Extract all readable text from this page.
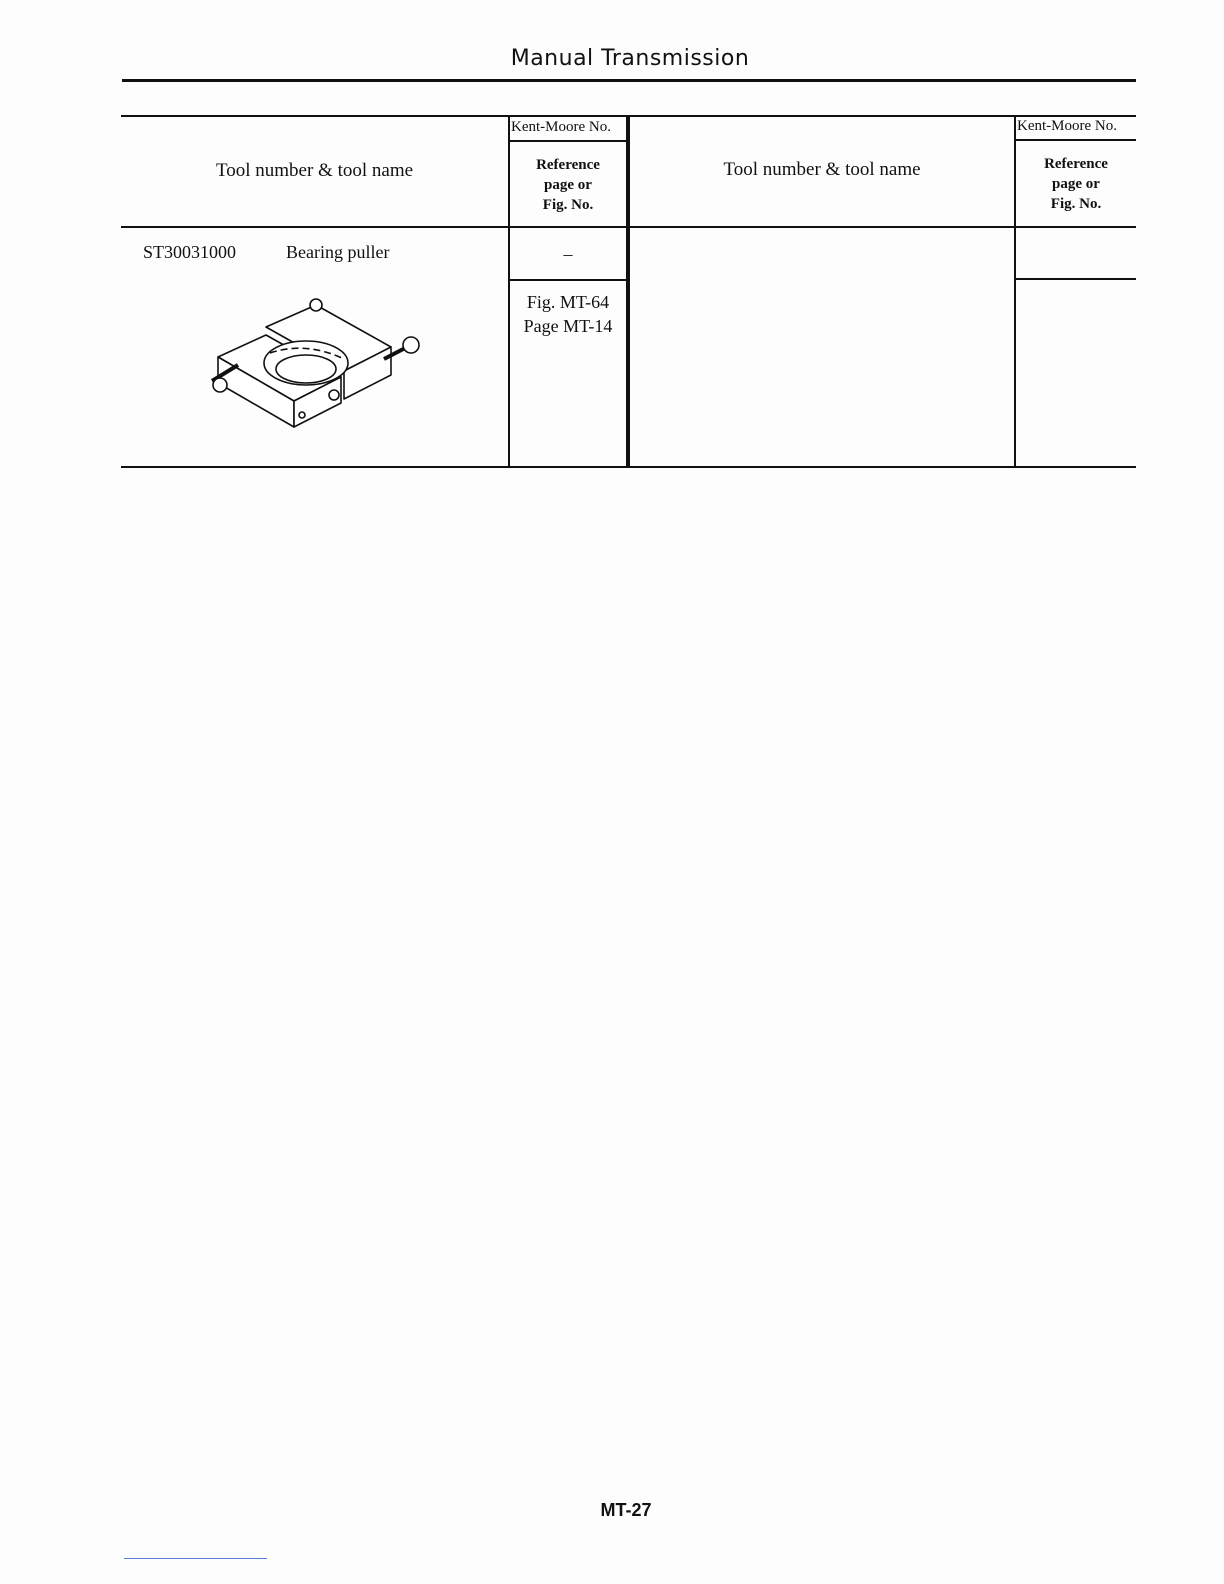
Manual Transmission
Tool number & tool name
Kent-Moore No.
Reference
page or
Fig. No.
Tool number & tool name
Kent-Moore No.
Reference
page or
Fig. No.
ST30031000	Bearing puller	–
Fig. MT-64
Page MT-14
MT-27
